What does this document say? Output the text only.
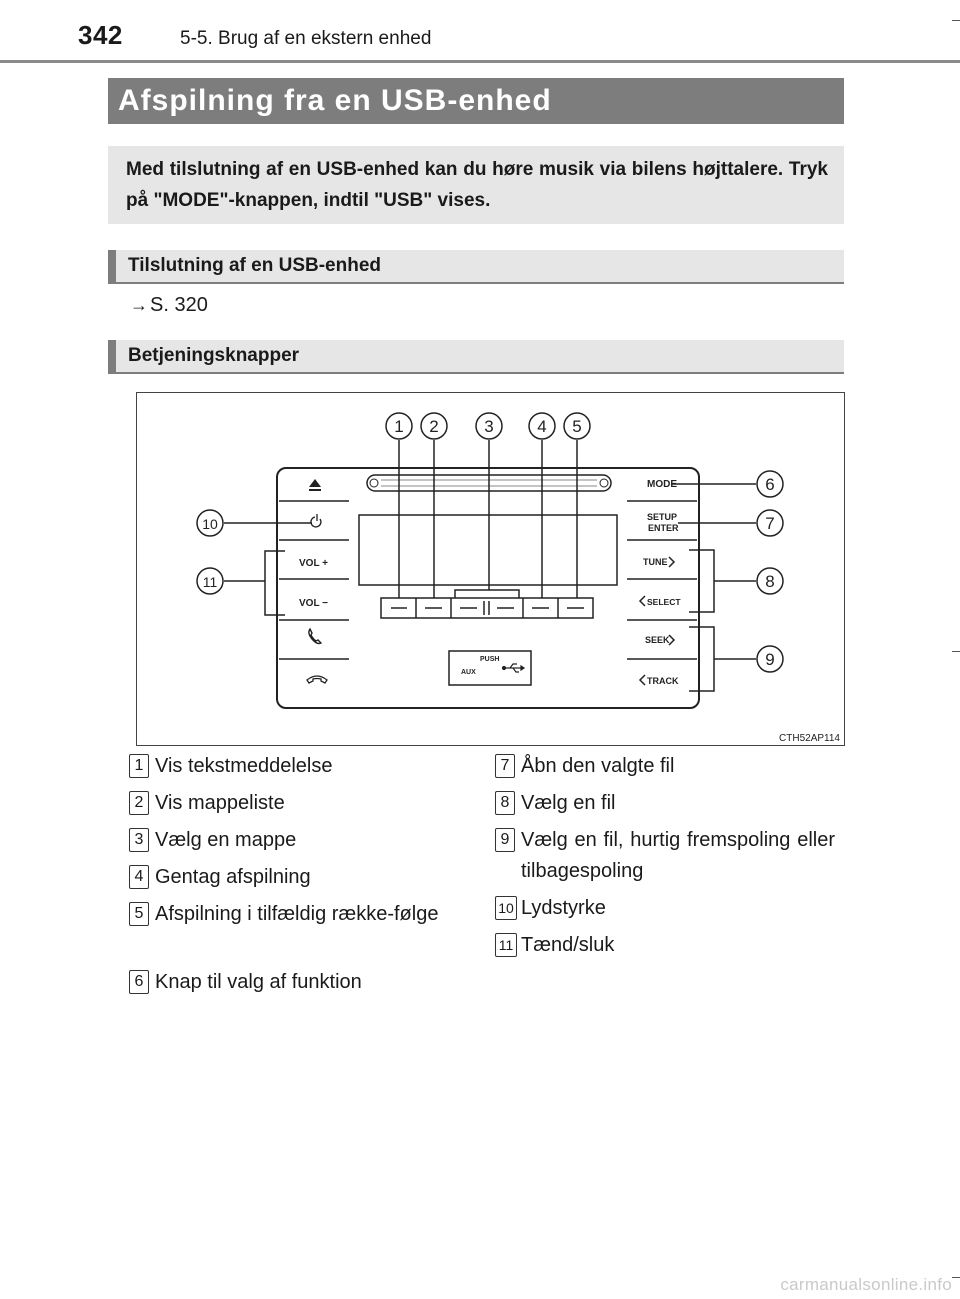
342	5-5. Brug af en ekstern enhed
Afspilning fra en USB-enhed
Med tilslutning af en USB-enhed kan du høre musik via bilens højttalere. Tryk på "MODE"-knappen, indtil "USB" vises.
Tilslutning af en USB-enhed
→ S. 320
Betjeningsknapper
VOL +
VOL −
MODE
SETUP
ENTER
TUNE
SELECT
SEEK
TRACK
PUSH
AUX
1 2	3	4 5
6
7
8
9
10
11
CTH52AP114
1 Vis tekstmeddelelse
2 Vis mappeliste
3 Vælg en mappe
4 Gentag afspilning
5 Afspilning i tilfældig række-følge
6 Knap til valg af funktion
7 Åbn den valgte fil
8 Vælg en fil
9 Vælg en fil, hurtig fremspoling eller tilbagespoling
10 Lydstyrke
11 Tænd/sluk
carmanualsonline.info
